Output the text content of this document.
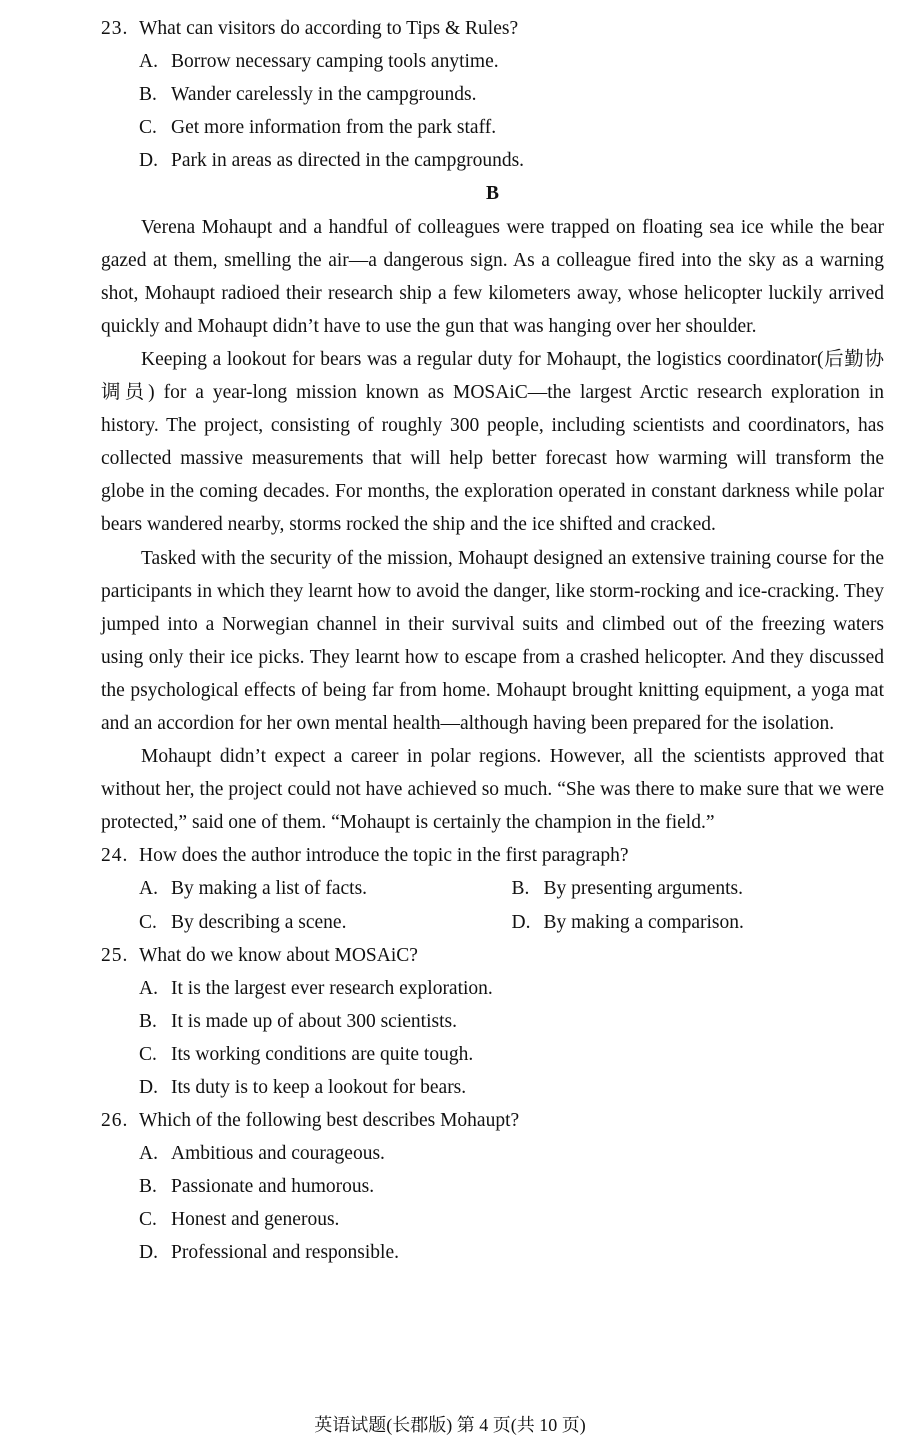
23. What can visitors do according to Tips & Rules?
A. Borrow necessary camping tools anytime.
B. Wander carelessly in the campgrounds.
C. Get more information from the park staff.
D. Park in areas as directed in the campgrounds.
B

Verena Mohaupt and a handful of colleagues were trapped on floating sea ice while the bear gazed at them, smelling the air—a dangerous sign. As a colleague fired into the sky as a warning shot, Mohaupt radioed their research ship a few kilometers away, whose helicopter luckily arrived quickly and Mohaupt didn’t have to use the gun that was hanging over her shoulder.

Keeping a lookout for bears was a regular duty for Mohaupt, the logistics coordinator(后勤协调员) for a year-long mission known as MOSAiC—the largest Arctic research exploration in history. The project, consisting of roughly 300 people, including scientists and coordinators, has collected massive measurements that will help better forecast how warming will transform the globe in the coming decades. For months, the exploration operated in constant darkness while polar bears wandered nearby, storms rocked the ship and the ice shifted and cracked.

Tasked with the security of the mission, Mohaupt designed an extensive training course for the participants in which they learnt how to avoid the danger, like storm-rocking and ice-cracking. They jumped into a Norwegian channel in their survival suits and climbed out of the freezing waters using only their ice picks. They learnt how to escape from a crashed helicopter. And they discussed the psychological effects of being far from home. Mohaupt brought knitting equipment, a yoga mat and an accordion for her own mental health—although having been prepared for the isolation.

Mohaupt didn’t expect a career in polar regions. However, all the scientists approved that without her, the project could not have achieved so much. “She was there to make sure that we were protected,” said one of them. “Mohaupt is certainly the champion in the field.”

24. How does the author introduce the topic in the first paragraph?
A. By making a list of facts.	B. By presenting arguments.
C. By describing a scene.	D. By making a comparison.
25. What do we know about MOSAiC?
A. It is the largest ever research exploration.
B. It is made up of about 300 scientists.
C. Its working conditions are quite tough.
D. Its duty is to keep a lookout for bears.
26. Which of the following best describes Mohaupt?
A. Ambitious and courageous.
B. Passionate and humorous.
C. Honest and generous.
D. Professional and responsible.
英语试题(长郡版) 第 4 页(共 10 页)
